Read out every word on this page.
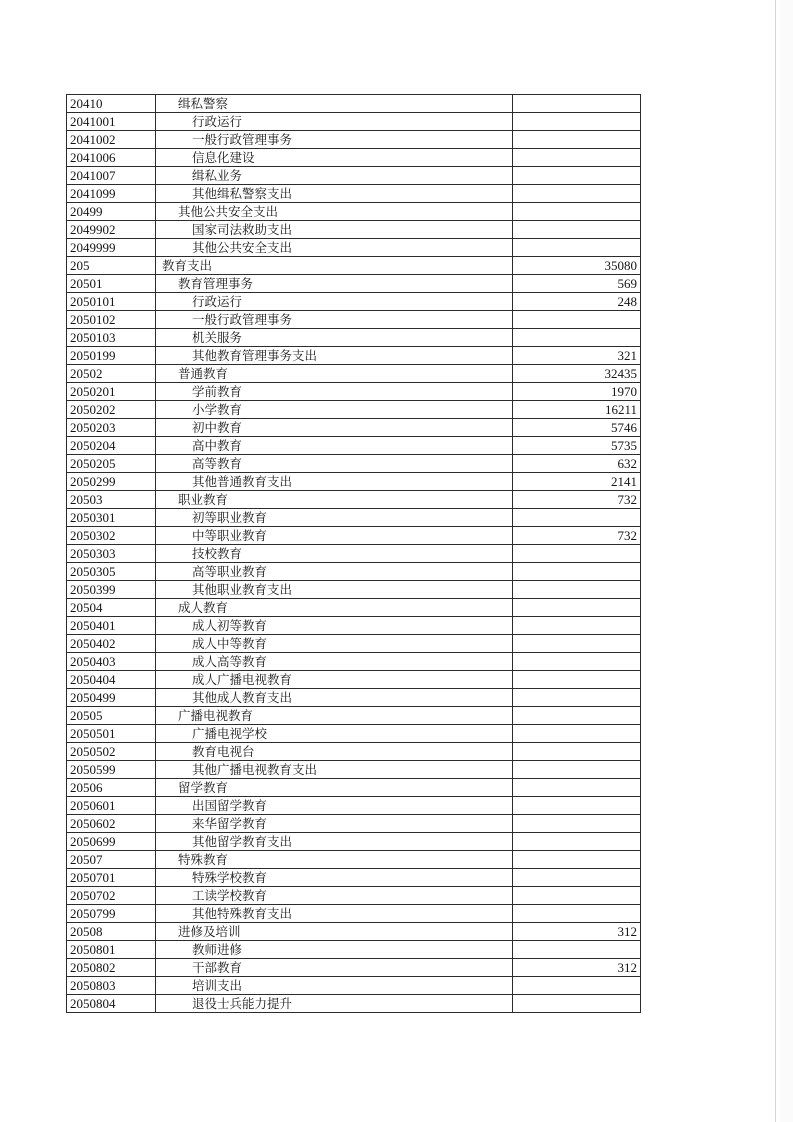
20410	缉私警察	
2041001	行政运行	
2041002	一般行政管理事务	
2041006	信息化建设	
2041007	缉私业务	
2041099	其他缉私警察支出	
20499	其他公共安全支出	
2049902	国家司法救助支出	
2049999	其他公共安全支出	
205	教育支出	35080
20501	教育管理事务	569
2050101	行政运行	248
2050102	一般行政管理事务	
2050103	机关服务	
2050199	其他教育管理事务支出	321
20502	普通教育	32435
2050201	学前教育	1970
2050202	小学教育	16211
2050203	初中教育	5746
2050204	高中教育	5735
2050205	高等教育	632
2050299	其他普通教育支出	2141
20503	职业教育	732
2050301	初等职业教育	
2050302	中等职业教育	732
2050303	技校教育	
2050305	高等职业教育	
2050399	其他职业教育支出	
20504	成人教育	
2050401	成人初等教育	
2050402	成人中等教育	
2050403	成人高等教育	
2050404	成人广播电视教育	
2050499	其他成人教育支出	
20505	广播电视教育	
2050501	广播电视学校	
2050502	教育电视台	
2050599	其他广播电视教育支出	
20506	留学教育	
2050601	出国留学教育	
2050602	来华留学教育	
2050699	其他留学教育支出	
20507	特殊教育	
2050701	特殊学校教育	
2050702	工读学校教育	
2050799	其他特殊教育支出	
20508	进修及培训	312
2050801	教师进修	
2050802	干部教育	312
2050803	培训支出	
2050804	退役士兵能力提升	
